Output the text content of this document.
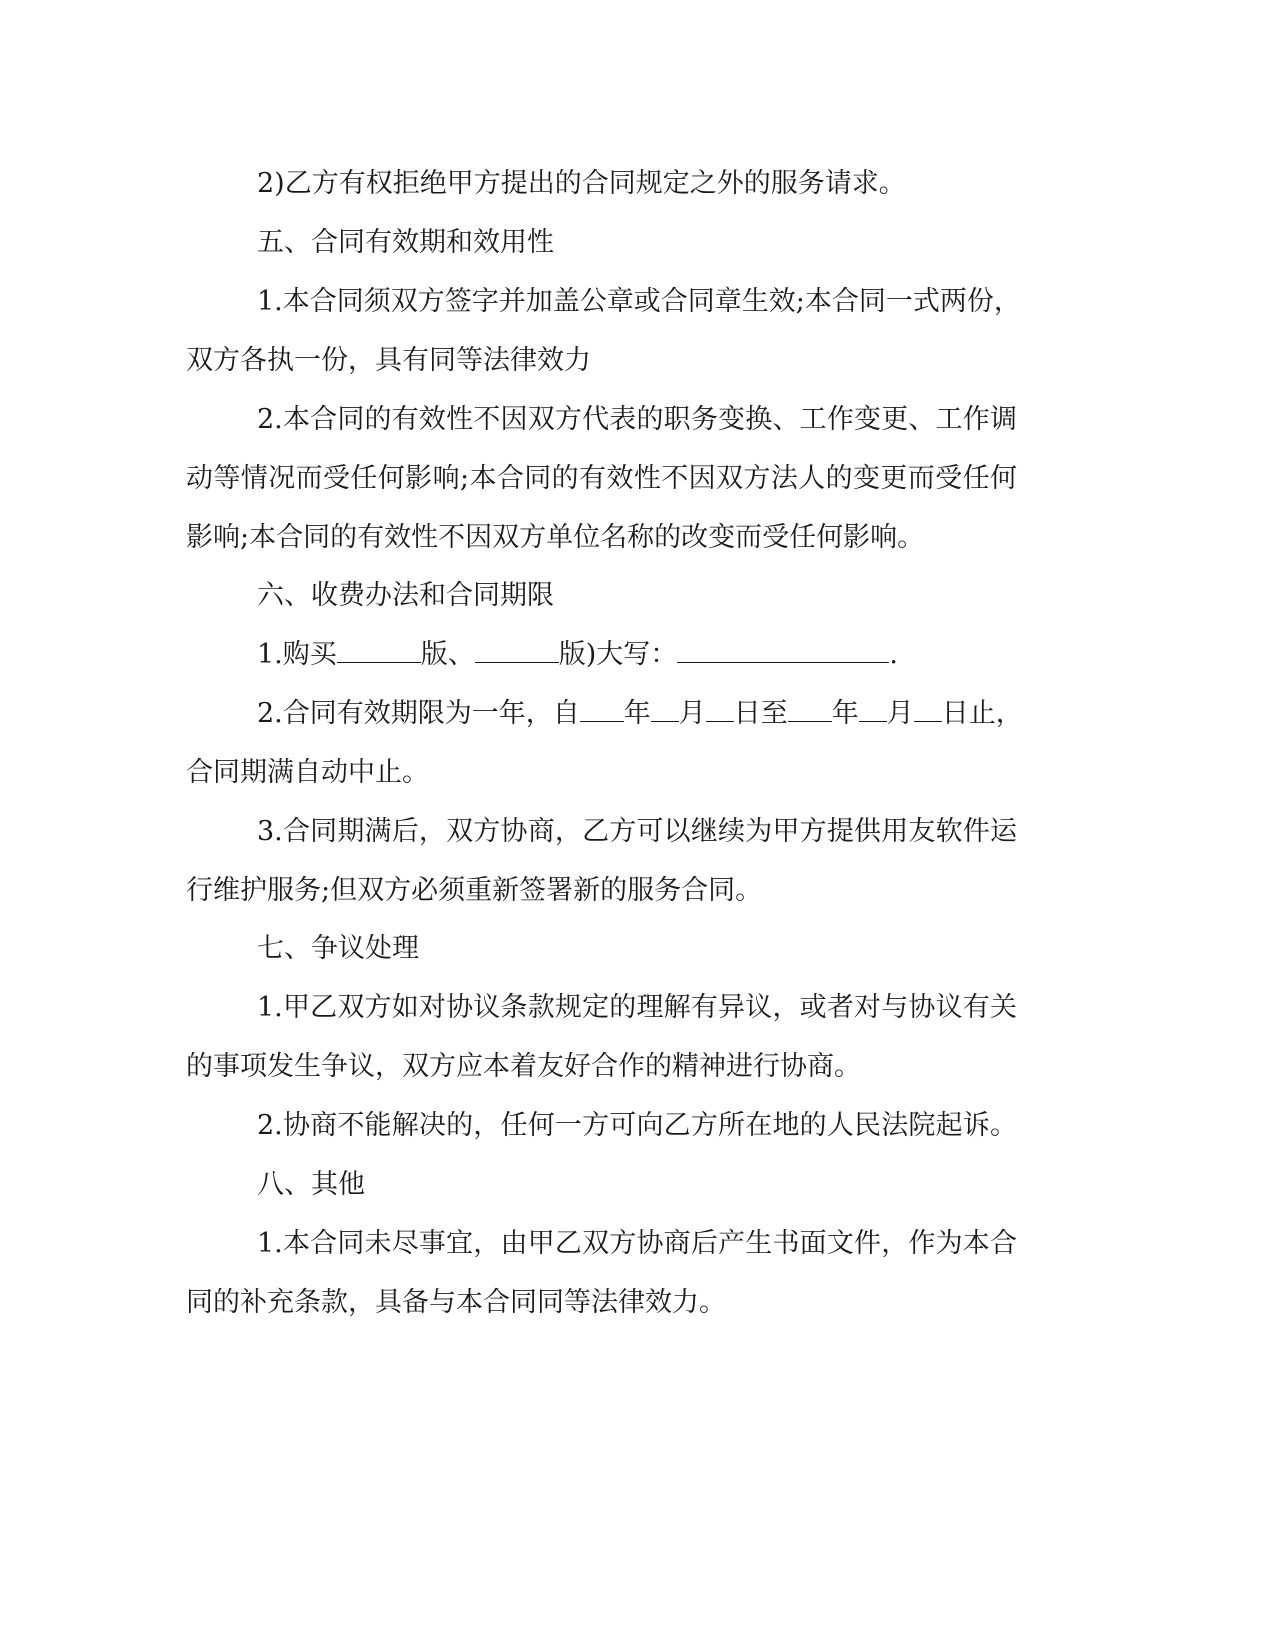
2)乙方有权拒绝甲方提出的合同规定之外的服务请求。
五、合同有效期和效用性
1.本合同须双方签字并加盖公章或合同章生效;本合同一式两份，
双方各执一份，具有同等法律效力
2.本合同的有效性不因双方代表的职务变换、工作变更、工作调
动等情况而受任何影响;本合同的有效性不因双方法人的变更而受任何
影响;本合同的有效性不因双方单位名称的改变而受任何影响。
六、收费办法和合同期限
1.购买	版、	版)大写：	.
2.合同有效期限为一年，自 年 月 日至 年 月 日止，
合同期满自动中止。
3.合同期满后，双方协商，乙方可以继续为甲方提供用友软件运
行维护服务;但双方必须重新签署新的服务合同。
七、争议处理
1.甲乙双方如对协议条款规定的理解有异议，或者对与协议有关
的事项发生争议，双方应本着友好合作的精神进行协商。
2.协商不能解决的，任何一方可向乙方所在地的人民法院起诉。
八、其他
1.本合同未尽事宜，由甲乙双方协商后产生书面文件，作为本合
同的补充条款，具备与本合同同等法律效力。
